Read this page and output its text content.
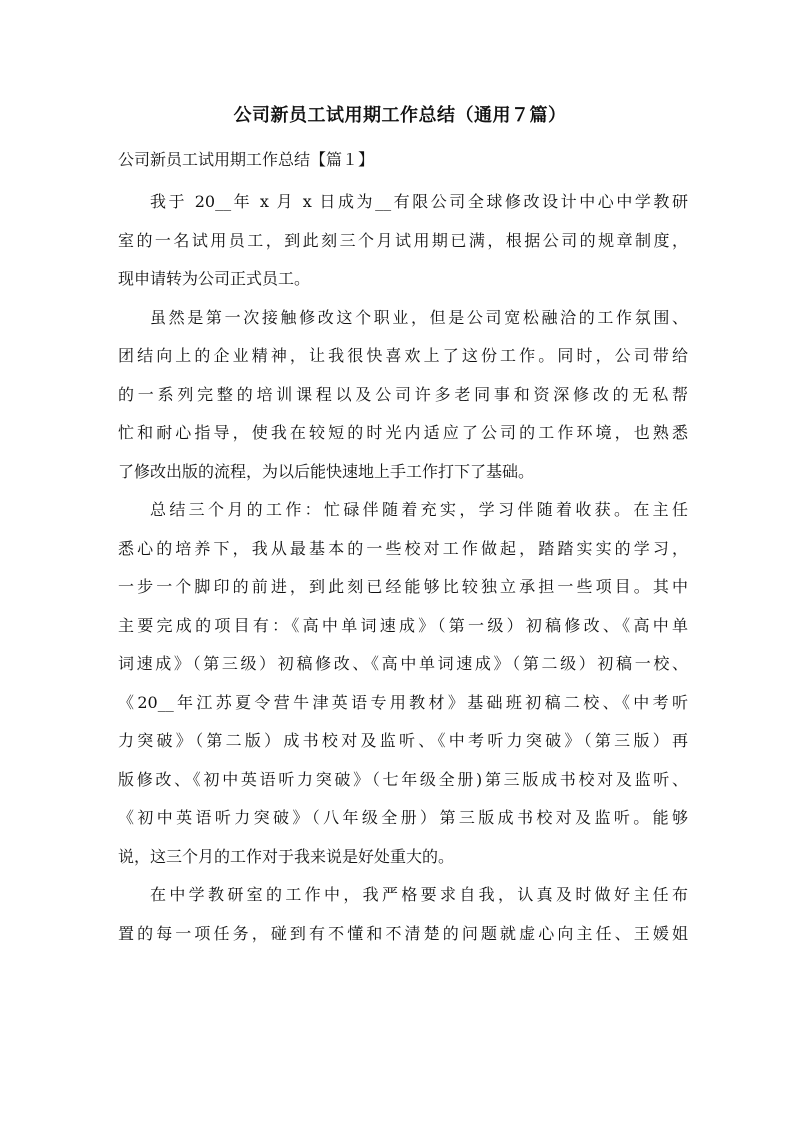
公司新员工试用期工作总结（通用７篇）
公司新员工试用期工作总结【篇１】
我于 20__年 x 月 x 日成为__有限公司全球修改设计中心中学教研
室的一名试用员工，到此刻三个月试用期已满，根据公司的规章制度，
现申请转为公司正式员工。
虽然是第一次接触修改这个职业，但是公司宽松融洽的工作氛围、
团结向上的企业精神，让我很快喜欢上了这份工作。同时，公司带给
的一系列完整的培训课程以及公司许多老同事和资深修改的无私帮
忙和耐心指导，使我在较短的时光内适应了公司的工作环境，也熟悉
了修改出版的流程，为以后能快速地上手工作打下了基础。
总结三个月的工作：忙碌伴随着充实，学习伴随着收获。在主任
悉心的培养下，我从最基本的一些校对工作做起，踏踏实实的学习，
一步一个脚印的前进，到此刻已经能够比较独立承担一些项目。其中
主要完成的项目有：《高中单词速成》（第一级）初稿修改、《高中单
词速成》（第三级）初稿修改、《高中单词速成》（第二级）初稿一校、
《20__年江苏夏令营牛津英语专用教材》基础班初稿二校、《中考听
力突破》（第二版）成书校对及监听、《中考听力突破》（第三版）再
版修改、《初中英语听力突破》（七年级全册)第三版成书校对及监听、
《初中英语听力突破》（八年级全册）第三版成书校对及监听。能够
说，这三个月的工作对于我来说是好处重大的。
在中学教研室的工作中，我严格要求自我，认真及时做好主任布
置的每一项任务，碰到有不懂和不清楚的问题就虚心向主任、王媛姐
